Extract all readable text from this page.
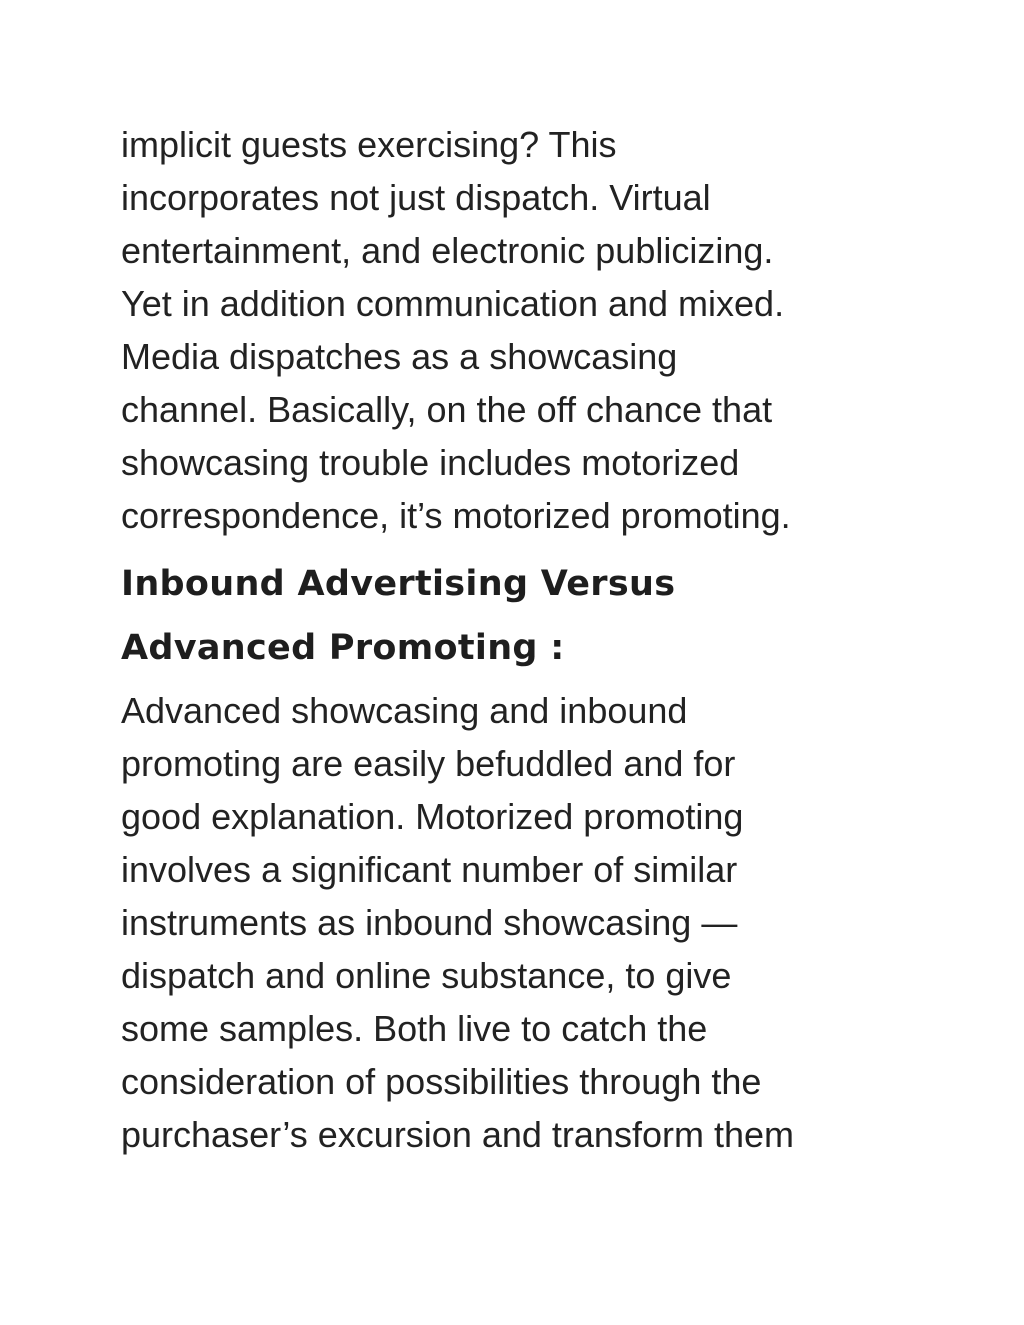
implicit guests exercising? This
incorporates not just dispatch. Virtual
entertainment, and electronic publicizing.
Yet in addition communication and mixed.
Media dispatches as a showcasing
channel. Basically, on the off chance that
showcasing trouble includes motorized
correspondence, it’s motorized promoting.

Inbound Advertising Versus
Advanced Promoting :

Advanced showcasing and inbound
promoting are easily befuddled and for
good explanation. Motorized promoting
involves a significant number of similar
instruments as inbound showcasing —
dispatch and online substance, to give
some samples. Both live to catch the
consideration of possibilities through the
purchaser’s excursion and transform them
